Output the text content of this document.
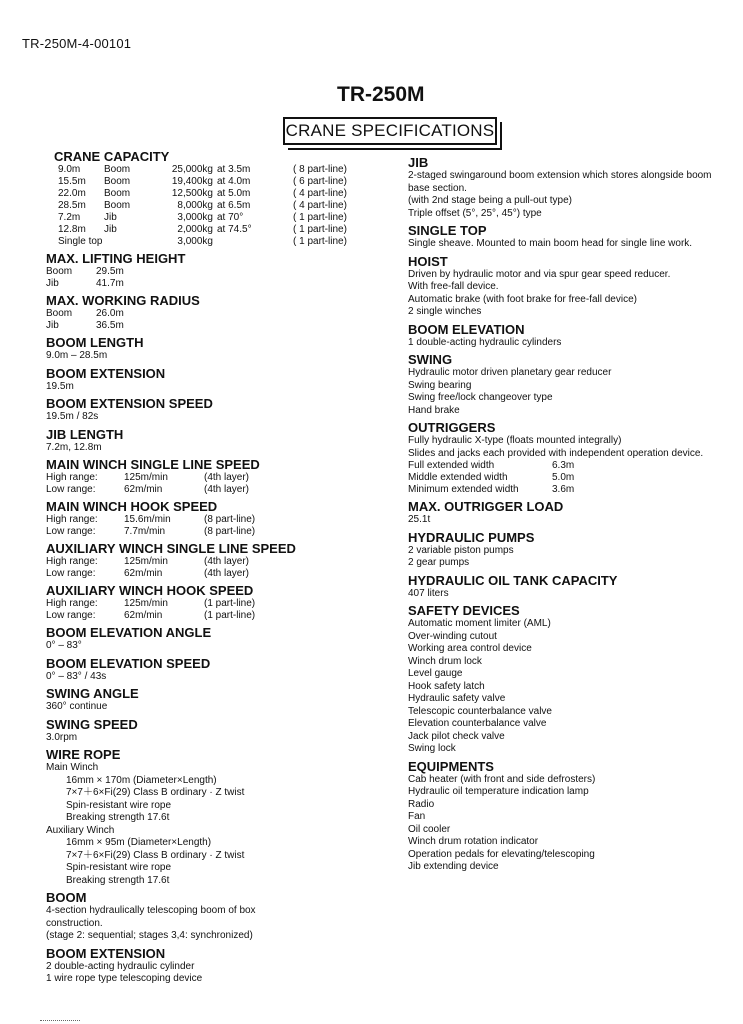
TR-250M-4-00101
TR-250M
CRANE SPECIFICATIONS
CRANE CAPACITY
9.0m	Boom	25,000kg at 3.5m	( 8 part-line)
15.5m	Boom	19,400kg at 4.0m	( 6 part-line)
22.0m	Boom	12,500kg at 5.0m	( 4 part-line)
28.5m	Boom	8,000kg at 6.5m	( 4 part-line)
7.2m	Jib	3,000kg at 70°	( 1 part-line)
12.8m	Jib	2,000kg at 74.5°	( 1 part-line)
Single top	3,000kg	( 1 part-line)
MAX. LIFTING HEIGHT
Boom	29.5m
Jib	41.7m
MAX. WORKING RADIUS
Boom	26.0m
Jib	36.5m
BOOM LENGTH
9.0m – 28.5m
BOOM EXTENSION
19.5m
BOOM EXTENSION SPEED
19.5m / 82s
JIB LENGTH
7.2m, 12.8m
MAIN WINCH SINGLE LINE SPEED
High range:	125m/min	(4th layer)
Low range:	62m/min	(4th layer)
MAIN WINCH HOOK SPEED
High range:	15.6m/min	(8 part-line)
Low range:	7.7m/min	(8 part-line)
AUXILIARY WINCH SINGLE LINE SPEED
High range:	125m/min	(4th layer)
Low range:	62m/min	(4th layer)
AUXILIARY WINCH HOOK SPEED
High range:	125m/min	(1 part-line)
Low range:	62m/min	(1 part-line)
BOOM ELEVATION ANGLE
0° – 83°
BOOM ELEVATION SPEED
0° – 83° / 43s
SWING ANGLE
360° continue
SWING SPEED
3.0rpm
WIRE ROPE
Main Winch
16mm × 170m (Diameter×Length)
7×7＋6×Fi(29) Class B ordinary · Z twist
Spin-resistant wire rope
Breaking strength 17.6t
Auxiliary Winch
16mm × 95m (Diameter×Length)
7×7＋6×Fi(29) Class B ordinary · Z twist
Spin-resistant wire rope
Breaking strength 17.6t
BOOM
4-section hydraulically telescoping boom of box construction.
(stage 2: sequential; stages 3,4: synchronized)
BOOM EXTENSION
2 double-acting hydraulic cylinder
1 wire rope type telescoping device
JIB
2-staged swingaround boom extension which stores alongside boom base section.
(with 2nd stage being a pull-out type)
Triple offset (5°, 25°, 45°) type
SINGLE TOP
Single sheave. Mounted to main boom head for single line work.
HOIST
Driven by hydraulic motor and via spur gear speed reducer.
With free-fall device.
Automatic brake (with foot brake for free-fall device)
2 single winches
BOOM ELEVATION
1 double-acting hydraulic cylinders
SWING
Hydraulic motor driven planetary gear reducer
Swing bearing
Swing free/lock changeover type
Hand brake
OUTRIGGERS
Fully hydraulic X-type (floats mounted integrally)
Slides and jacks each provided with independent operation device.
Full extended width	6.3m
Middle extended width	5.0m
Minimum extended width	3.6m
MAX. OUTRIGGER LOAD
25.1t
HYDRAULIC PUMPS
2 variable piston pumps
2 gear pumps
HYDRAULIC OIL TANK CAPACITY
407 liters
SAFETY DEVICES
Automatic moment limiter (AML)
Over-winding cutout
Working area control device
Winch drum lock
Level gauge
Hook safety latch
Hydraulic safety valve
Telescopic counterbalance valve
Elevation counterbalance valve
Jack pilot check valve
Swing lock
EQUIPMENTS
Cab heater (with front and side defrosters)
Hydraulic oil temperature indication lamp
Radio
Fan
Oil cooler
Winch drum rotation indicator
Operation pedals for elevating/telescoping
Jib extending device
